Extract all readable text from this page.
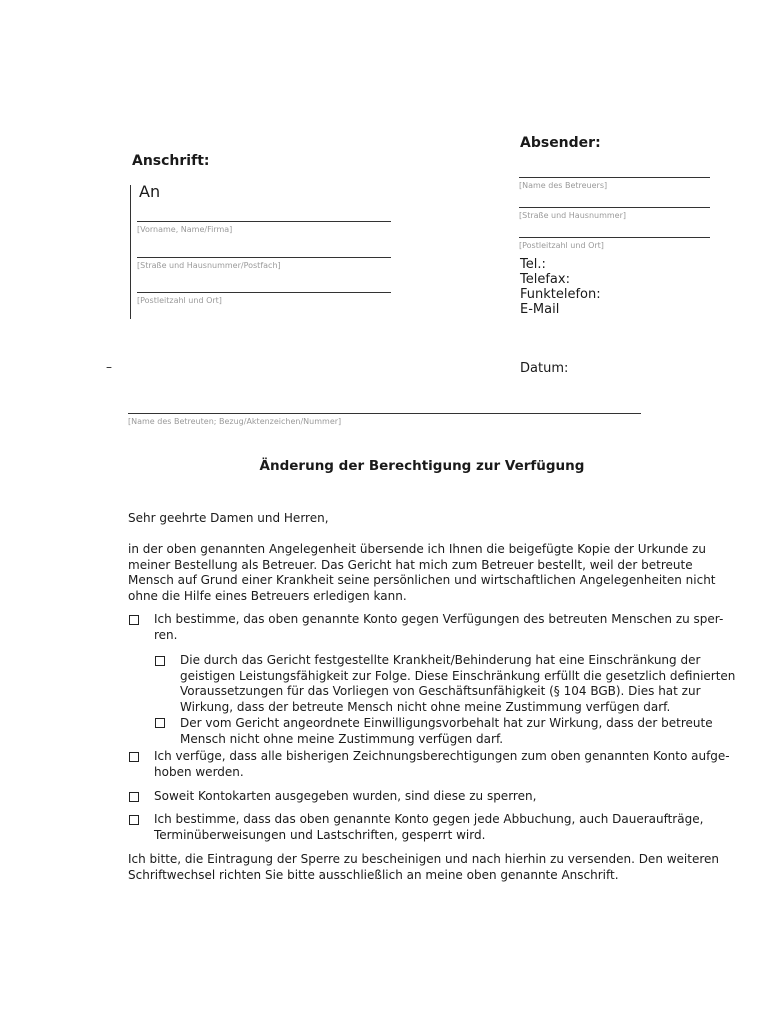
Anschrift:
An
[Vorname, Name/Firma]
[Straße und Hausnummer/Postfach]
[Postleitzahl und Ort]
Absender:
[Name des Betreuers]
[Straße und Hausnummer]
[Postleitzahl und Ort]
Tel.:
Telefax:
Funktelefon:
E-Mail
Datum:
–
[Name des Betreuten; Bezug/Aktenzeichen/Nummer]
Änderung der Berechtigung zur Verfügung
Sehr geehrte Damen und Herren,
in der oben genannten Angelegenheit übersende ich Ihnen die beigefügte Kopie der Urkunde zu
meiner Bestellung als Betreuer. Das Gericht hat mich zum Betreuer bestellt, weil der betreute
Mensch auf Grund einer Krankheit seine persönlichen und wirtschaftlichen Angelegenheiten nicht
ohne die Hilfe eines Betreuers erledigen kann.
Ich bestimme, das oben genannte Konto gegen Verfügungen des betreuten Menschen zu sper-
ren.
Die durch das Gericht festgestellte Krankheit/Behinderung hat eine Einschränkung der
geistigen Leistungsfähigkeit zur Folge. Diese Einschränkung erfüllt die gesetzlich definierten
Voraussetzungen für das Vorliegen von Geschäftsunfähigkeit (§ 104 BGB). Dies hat zur
Wirkung, dass der betreute Mensch nicht ohne meine Zustimmung verfügen darf.
Der vom Gericht angeordnete Einwilligungsvorbehalt hat zur Wirkung, dass der betreute
Mensch nicht ohne meine Zustimmung verfügen darf.
Ich verfüge, dass alle bisherigen Zeichnungsberechtigungen zum oben genannten Konto aufge-
hoben werden.
Soweit Kontokarten ausgegeben wurden, sind diese zu sperren,
Ich bestimme, dass das oben genannte Konto gegen jede Abbuchung, auch Daueraufträge,
Terminüberweisungen und Lastschriften, gesperrt wird.
Ich bitte, die Eintragung der Sperre zu bescheinigen und nach hierhin zu versenden. Den weiteren
Schriftwechsel richten Sie bitte ausschließlich an meine oben genannte Anschrift.
